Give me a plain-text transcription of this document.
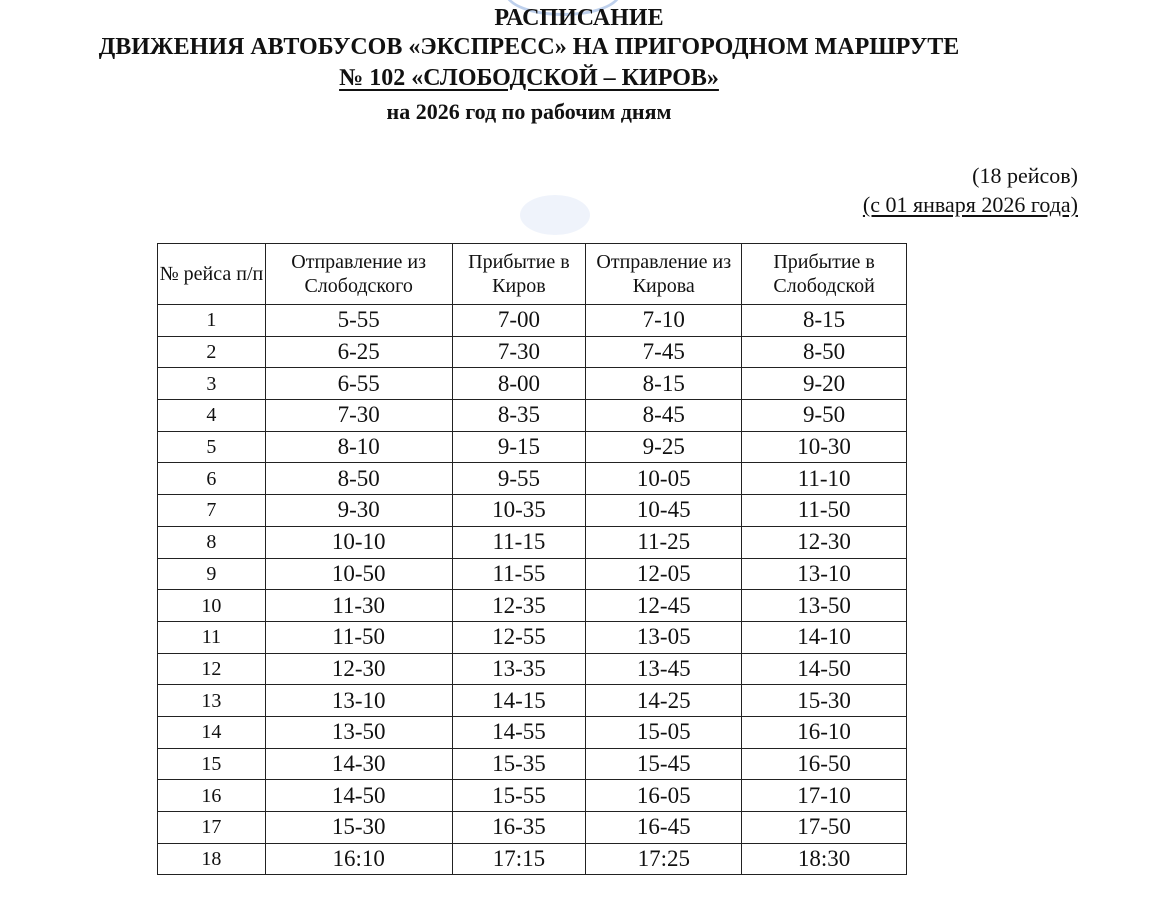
РАСПИСАНИЕ
ДВИЖЕНИЯ АВТОБУСОВ «ЭКСПРЕСС» НА ПРИГОРОДНОМ МАРШРУТЕ
№ 102 «СЛОБОДСКОЙ – КИРОВ»
на 2026 год по рабочим дням
(18 рейсов)
(с 01 января 2026 года)
№ рейса п/п	Отправление из Слободского	Прибытие в Киров	Отправление из Кирова	Прибытие в Слободской
1	5-55	7-00	7-10	8-15
2	6-25	7-30	7-45	8-50
3	6-55	8-00	8-15	9-20
4	7-30	8-35	8-45	9-50
5	8-10	9-15	9-25	10-30
6	8-50	9-55	10-05	11-10
7	9-30	10-35	10-45	11-50
8	10-10	11-15	11-25	12-30
9	10-50	11-55	12-05	13-10
10	11-30	12-35	12-45	13-50
11	11-50	12-55	13-05	14-10
12	12-30	13-35	13-45	14-50
13	13-10	14-15	14-25	15-30
14	13-50	14-55	15-05	16-10
15	14-30	15-35	15-45	16-50
16	14-50	15-55	16-05	17-10
17	15-30	16-35	16-45	17-50
18	16:10	17:15	17:25	18:30
